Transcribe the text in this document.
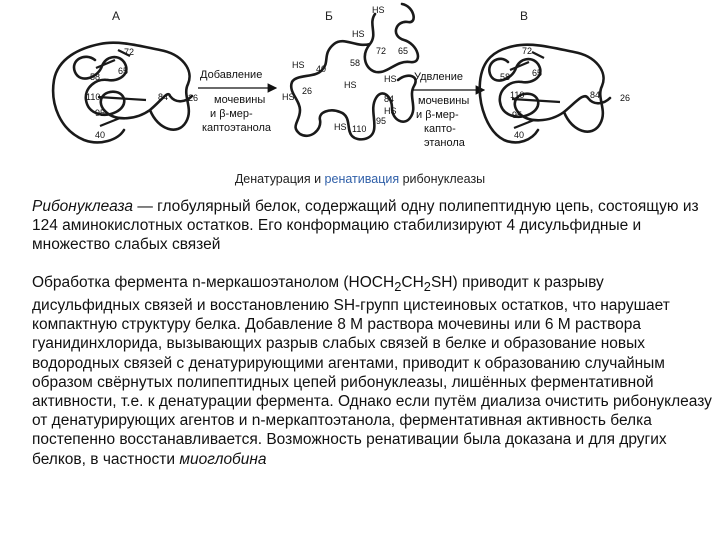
А	Б	В
58
65
72
110	84 26
95
40
Добавление
мочевины
и β-мер-
каптоэтанола
HS
HS
72 65
58
HS 40
HS
HS
26
HS	84
HS
95
HS 110
Удвление
мочевины
и β-мер-
капто-
этанола
72
65
58
110	84 26
95
40
Денатурация и ренативация рибонуклеазы

Рибонуклеаза — глобулярный белок, содержащий одну полипептидную цепь, состоящую из 124 аминокислотных остатков. Его конформацию стабилизируют 4 дисульфидные и множество слабых связей

Обработка фермента n-меркашоэтанолом $(НОСН_2СН_2SН)$ приводит к разрыву дисульфидных связей и восстановлению SН-групп цистеиновых остатков, что нарушает компактную структуру белка. Добавление 8 М раствора мочевины или 6 М раствора гуанидинхлорида, вызывающих разрыв слабых связей в белке и образование новых водородных связей с денатурирующими агентами, приводит к образованию случайным образом свёрнутых полипептидных цепей рибонуклеазы, лишённых ферментативной активности, т.е. к денатурации фермента. Однако если путём диализа очистить рибонуклеазу от денатурирующих агентов и n-меркаптоэтанола, ферментативная активность белка постепенно восстанавливается. Возможность ренативации была доказана и для других белков, в частности миоглобина
